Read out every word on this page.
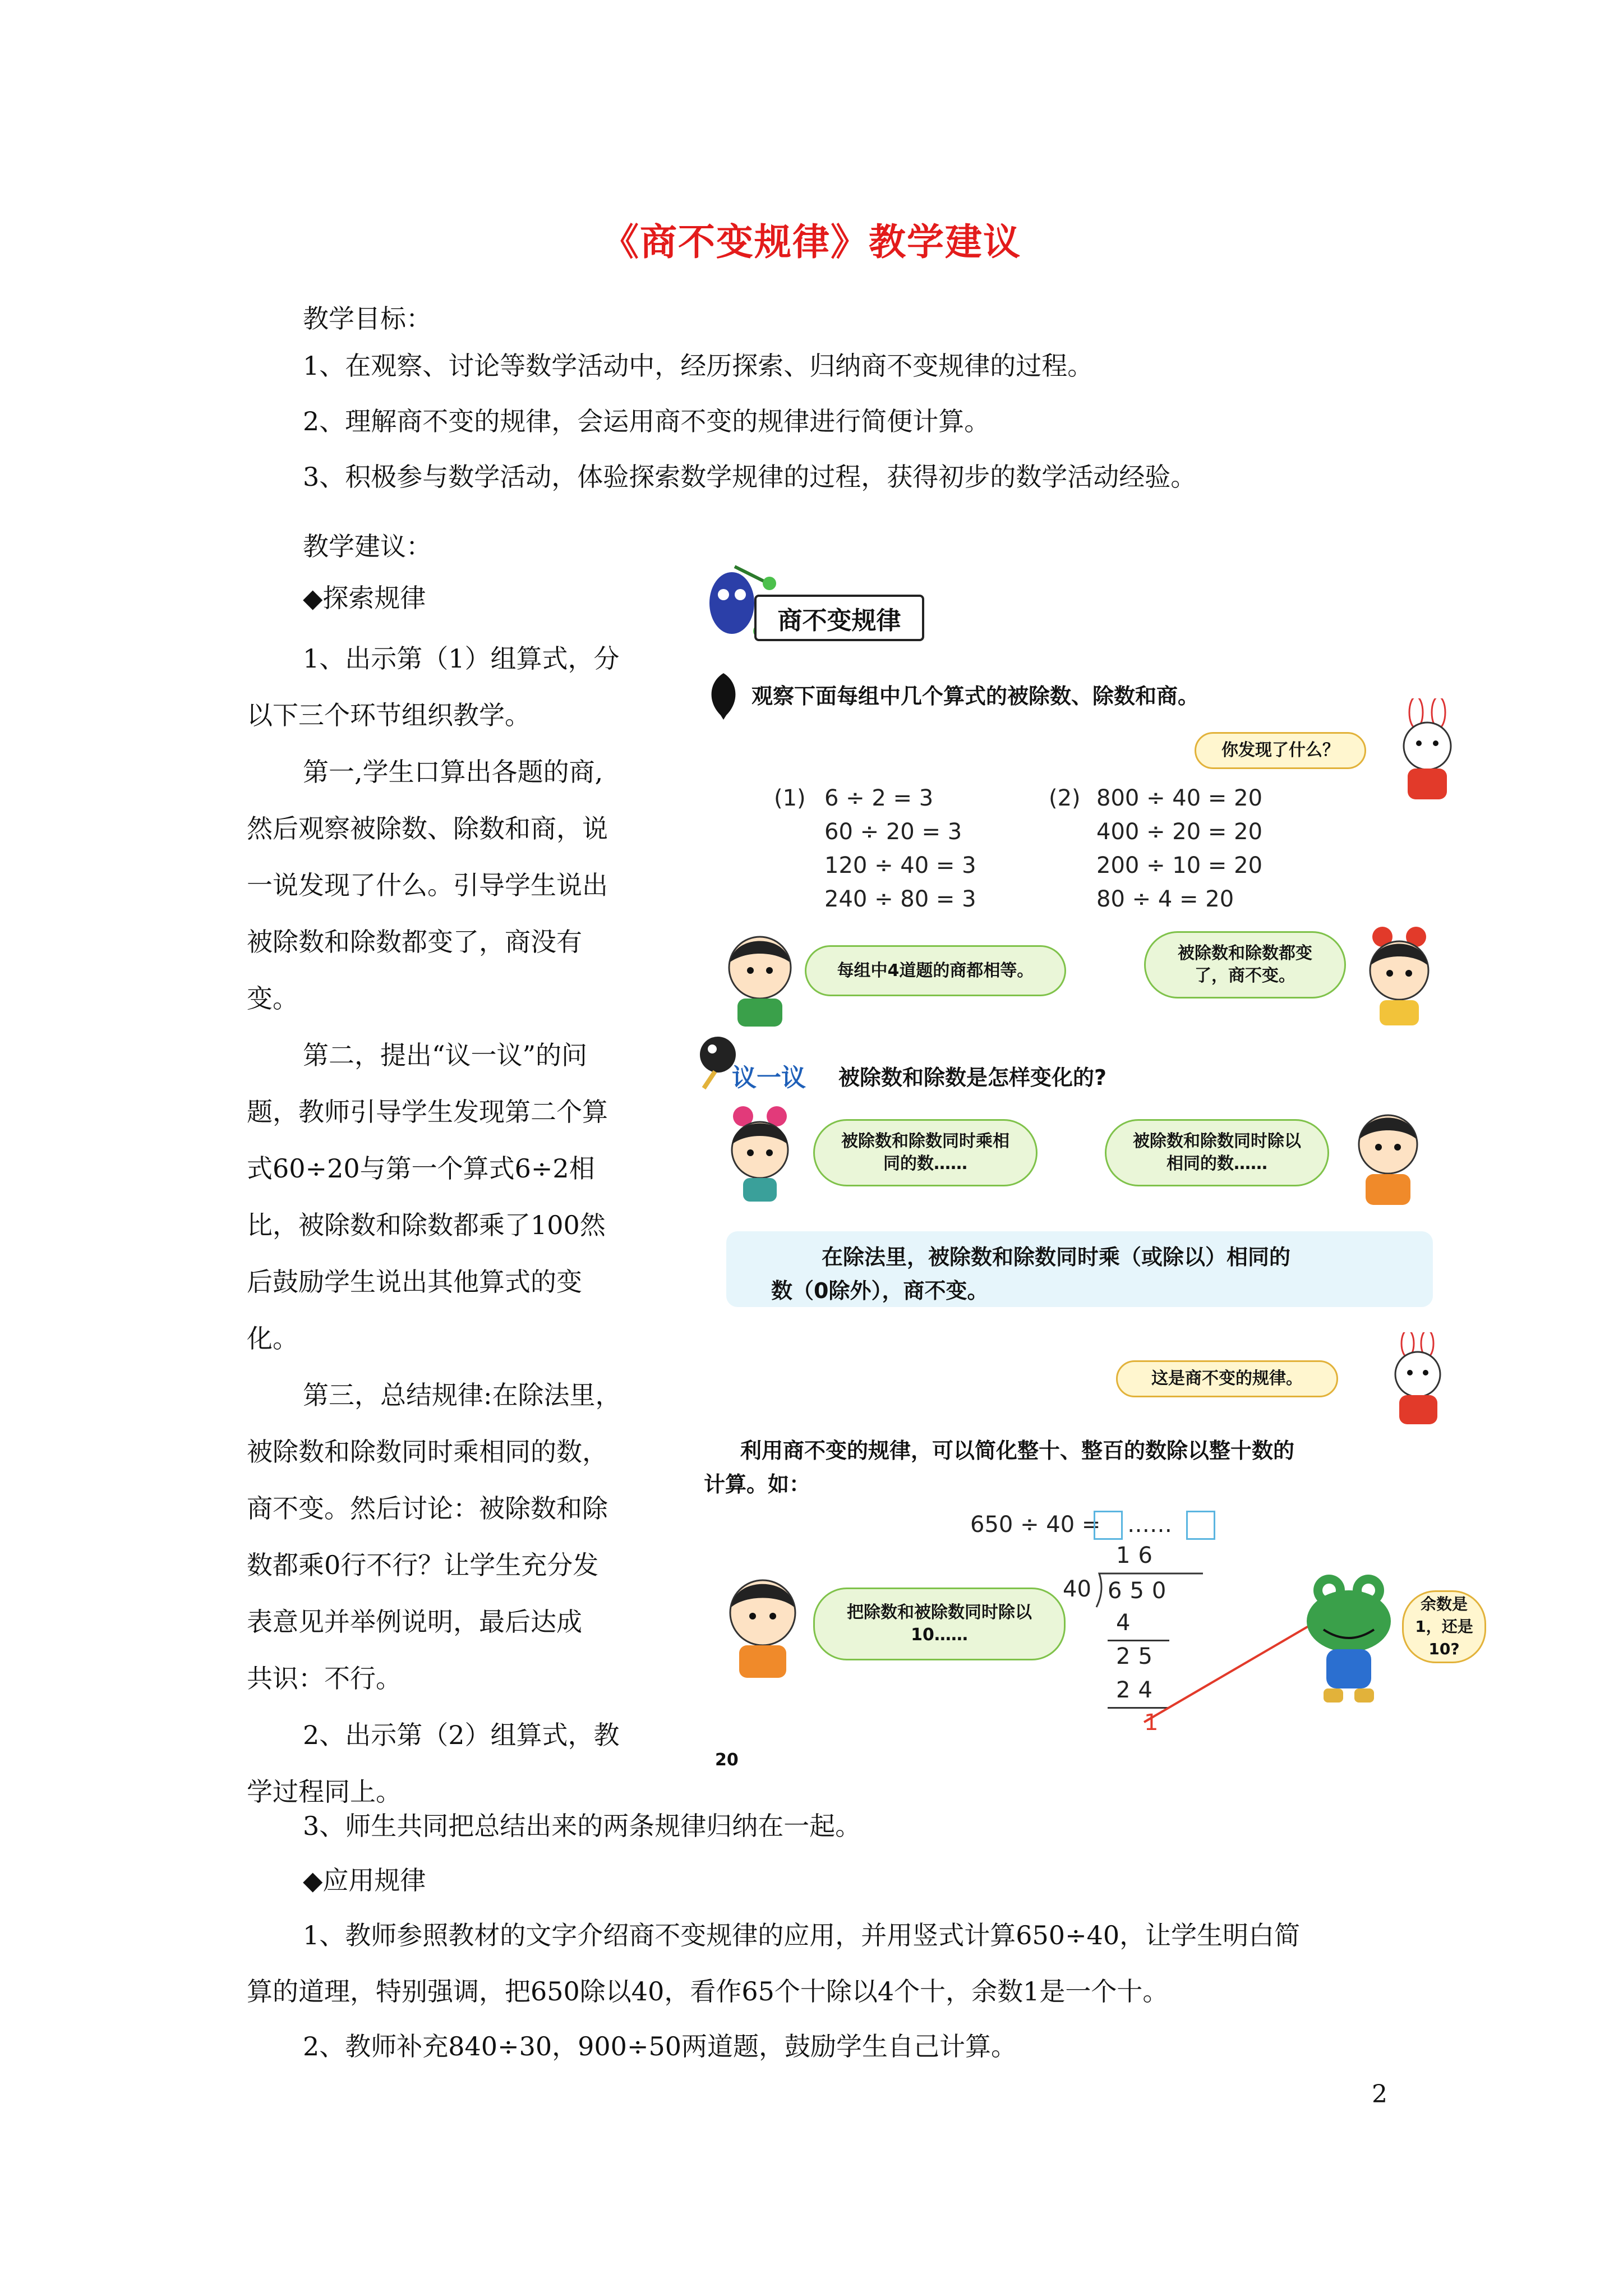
《商不变规律》教学建议
教学目标：
1、在观察、讨论等数学活动中，经历探索、归纳商不变规律的过程。
2、理解商不变的规律，会运用商不变的规律进行简便计算。
3、积极参与数学活动，体验探索数学规律的过程，获得初步的数学活动经验。
教学建议：
◆探索规律
1、出示第（1）组算式，分
以下三个环节组织教学。
第一,学生口算出各题的商,
然后观察被除数、除数和商，说
一说发现了什么。引导学生说出
被除数和除数都变了，商没有
变。
第二，提出“议一议”的问
题，教师引导学生发现第二个算
式60÷20与第一个算式6÷2相
比，被除数和除数都乘了100然
后鼓励学生说出其他算式的变
化。
第三，总结规律:在除法里，
被除数和除数同时乘相同的数，
商不变。然后讨论：被除数和除
数都乘0行不行？让学生充分发
表意见并举例说明，最后达成
共识：不行。
2、出示第（2）组算式，教
学过程同上。
3、师生共同把总结出来的两条规律归纳在一起。
◆应用规律
1、教师参照教材的文字介绍商不变规律的应用，并用竖式计算650÷40，让学生明白简
算的道理，特别强调，把650除以40，看作65个十除以4个十，余数1是一个十。
2、教师补充840÷30，900÷50两道题，鼓励学生自己计算。
商不变规律
观察下面每组中几个算式的被除数、除数和商。
你发现了什么？
(1) 6 ÷ 2 = 3
60 ÷ 20 = 3
120 ÷ 40 = 3
240 ÷ 80 = 3
(2) 800 ÷ 40 = 20
400 ÷ 20 = 20
200 ÷ 10 = 20
80 ÷ 4 = 20
每组中4道题的商都相等。
被除数和除数都变了，商不变。
议一议 被除数和除数是怎样变化的?
被除数和除数同时乘相同的数……
被除数和除数同时除以相同的数……
在除法里，被除数和除数同时乘（或除以）相同的
数（0除外），商不变。
这是商不变的规律。
利用商不变的规律，可以简化整十、整百的数除以整十数的
计算。如：
650 ÷ 40 = ……
把除数和被除数同时除以10……
16
40 650
4
25
24
1
余数是1，还是10?
20
2
